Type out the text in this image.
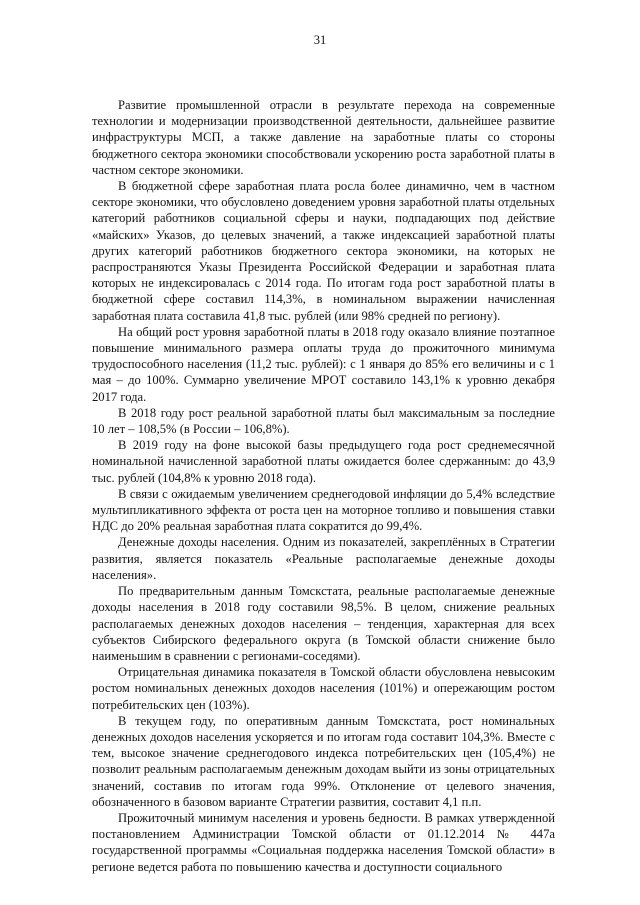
31

Развитие промышленной отрасли в результате перехода на современные технологии и модернизации производственной деятельности, дальнейшее развитие инфраструктуры МСП, а также давление на заработные платы со стороны бюджетного сектора экономики способствовали ускорению роста заработной платы в частном секторе экономики.

В бюджетной сфере заработная плата росла более динамично, чем в частном секторе экономики, что обусловлено доведением уровня заработной платы отдельных категорий работников социальной сферы и науки, подпадающих под действие «майских» Указов, до целевых значений, а также индексацией заработной платы других категорий работников бюджетного сектора экономики, на которых не распространяются Указы Президента Российской Федерации и заработная плата которых не индексировалась с 2014 года. По итогам года рост заработной платы в бюджетной сфере составил 114,3%, в номинальном выражении начисленная заработная плата составила 41,8 тыс. рублей (или 98% средней по региону).

На общий рост уровня заработной платы в 2018 году оказало влияние поэтапное повышение минимального размера оплаты труда до прожиточного минимума трудоспособного населения (11,2 тыс. рублей): с 1 января до 85% его величины и с 1 мая – до 100%. Суммарно увеличение МРОТ составило 143,1% к уровню декабря 2017 года.

В 2018 году рост реальной заработной платы был максимальным за последние 10 лет – 108,5% (в России – 106,8%).

В 2019 году на фоне высокой базы предыдущего года рост среднемесячной номинальной начисленной заработной платы ожидается более сдержанным: до 43,9 тыс. рублей (104,8% к уровню 2018 года).

В связи с ожидаемым увеличением среднегодовой инфляции до 5,4% вследствие мультипликативного эффекта от роста цен на моторное топливо и повышения ставки НДС до 20% реальная заработная плата сократится до 99,4%.

Денежные доходы населения. Одним из показателей, закреплённых в Стратегии развития, является показатель «Реальные располагаемые денежные доходы населения».

По предварительным данным Томскстата, реальные располагаемые денежные доходы населения в 2018 году составили 98,5%. В целом, снижение реальных располагаемых денежных доходов населения – тенденция, характерная для всех субъектов Сибирского федерального округа (в Томской области снижение было наименьшим в сравнении с регионами-соседями).

Отрицательная динамика показателя в Томской области обусловлена невысоким ростом номинальных денежных доходов населения (101%) и опережающим ростом потребительских цен (103%).

В текущем году, по оперативным данным Томскстата, рост номинальных денежных доходов населения ускоряется и по итогам года составит 104,3%. Вместе с тем, высокое значение среднегодового индекса потребительских цен (105,4%) не позволит реальным располагаемым денежным доходам выйти из зоны отрицательных значений, составив по итогам года 99%. Отклонение от целевого значения, обозначенного в базовом варианте Стратегии развития, составит 4,1 п.п.

Прожиточный минимум населения и уровень бедности. В рамках утвержденной постановлением Администрации Томской области от 01.12.2014 № 447а государственной программы «Социальная поддержка населения Томской области» в регионе ведется работа по повышению качества и доступности социального
